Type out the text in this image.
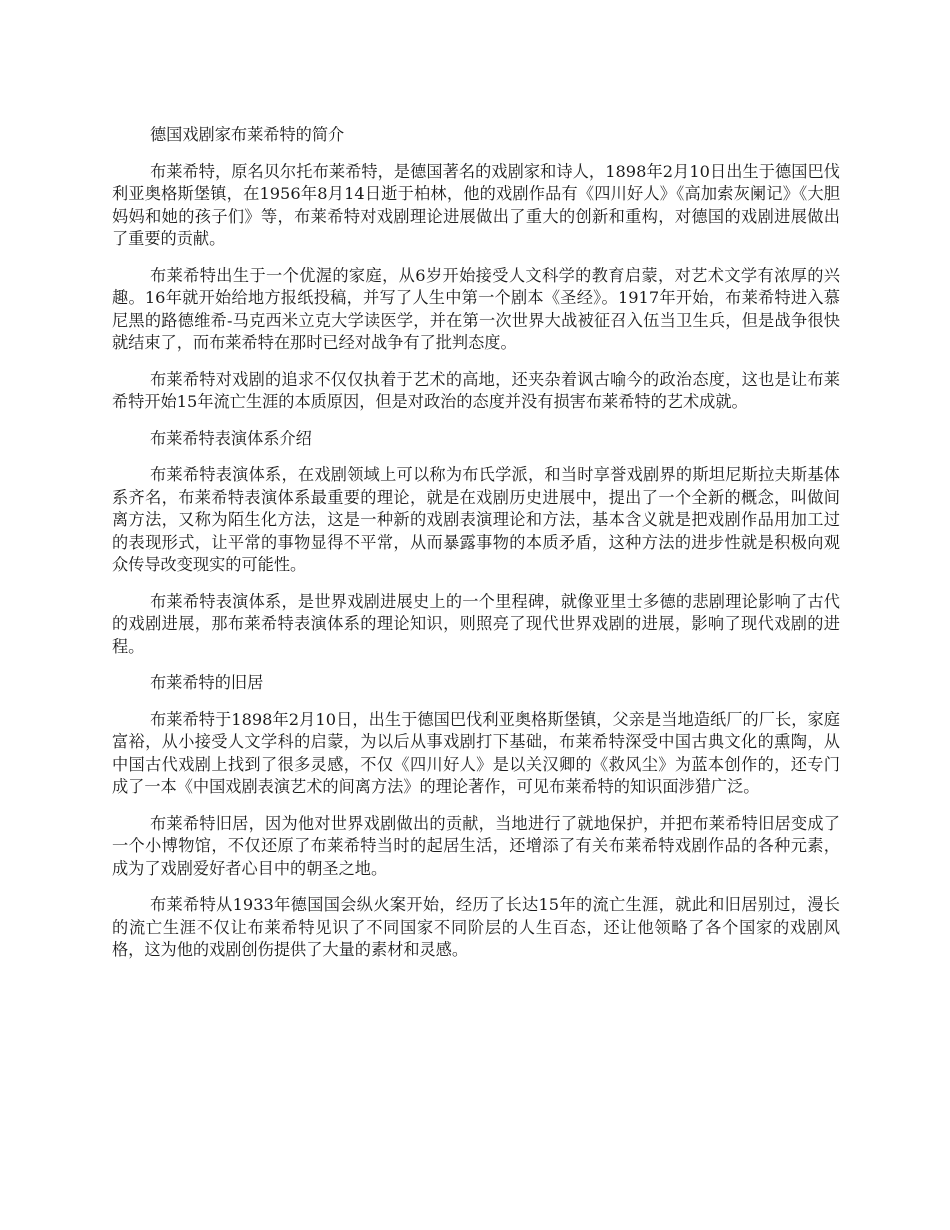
德国戏剧家布莱希特的简介

布莱希特，原名贝尔托布莱希特，是德国著名的戏剧家和诗人，1898年2月10日出生于德国巴伐利亚奥格斯堡镇，在1956年8月14日逝于柏林，他的戏剧作品有《四川好人》《高加索灰阑记》《大胆妈妈和她的孩子们》等，布莱希特对戏剧理论进展做出了重大的创新和重构，对德国的戏剧进展做出了重要的贡献。

布莱希特出生于一个优渥的家庭，从6岁开始接受人文科学的教育启蒙，对艺术文学有浓厚的兴趣。16年就开始给地方报纸投稿，并写了人生中第一个剧本《圣经》。1917年开始，布莱希特进入慕尼黑的路德维希-马克西米立克大学读医学，并在第一次世界大战被征召入伍当卫生兵，但是战争很快就结束了，而布莱希特在那时已经对战争有了批判态度。

布莱希特对戏剧的追求不仅仅执着于艺术的高地，还夹杂着讽古喻今的政治态度，这也是让布莱希特开始15年流亡生涯的本质原因，但是对政治的态度并没有损害布莱希特的艺术成就。

布莱希特表演体系介绍

布莱希特表演体系，在戏剧领域上可以称为布氏学派，和当时享誉戏剧界的斯坦尼斯拉夫斯基体系齐名，布莱希特表演体系最重要的理论，就是在戏剧历史进展中，提出了一个全新的概念，叫做间离方法，又称为陌生化方法，这是一种新的戏剧表演理论和方法，基本含义就是把戏剧作品用加工过的表现形式，让平常的事物显得不平常，从而暴露事物的本质矛盾，这种方法的进步性就是积极向观众传导改变现实的可能性。

布莱希特表演体系，是世界戏剧进展史上的一个里程碑，就像亚里士多德的悲剧理论影响了古代的戏剧进展，那布莱希特表演体系的理论知识，则照亮了现代世界戏剧的进展，影响了现代戏剧的进程。

布莱希特的旧居

布莱希特于1898年2月10日，出生于德国巴伐利亚奥格斯堡镇，父亲是当地造纸厂的厂长，家庭富裕，从小接受人文学科的启蒙，为以后从事戏剧打下基础，布莱希特深受中国古典文化的熏陶，从中国古代戏剧上找到了很多灵感，不仅《四川好人》是以关汉卿的《救风尘》为蓝本创作的，还专门成了一本《中国戏剧表演艺术的间离方法》的理论著作，可见布莱希特的知识面涉猎广泛。

布莱希特旧居，因为他对世界戏剧做出的贡献，当地进行了就地保护，并把布莱希特旧居变成了一个小博物馆，不仅还原了布莱希特当时的起居生活，还增添了有关布莱希特戏剧作品的各种元素，成为了戏剧爱好者心目中的朝圣之地。

布莱希特从1933年德国国会纵火案开始，经历了长达15年的流亡生涯，就此和旧居别过，漫长的流亡生涯不仅让布莱希特见识了不同国家不同阶层的人生百态，还让他领略了各个国家的戏剧风格，这为他的戏剧创伤提供了大量的素材和灵感。
